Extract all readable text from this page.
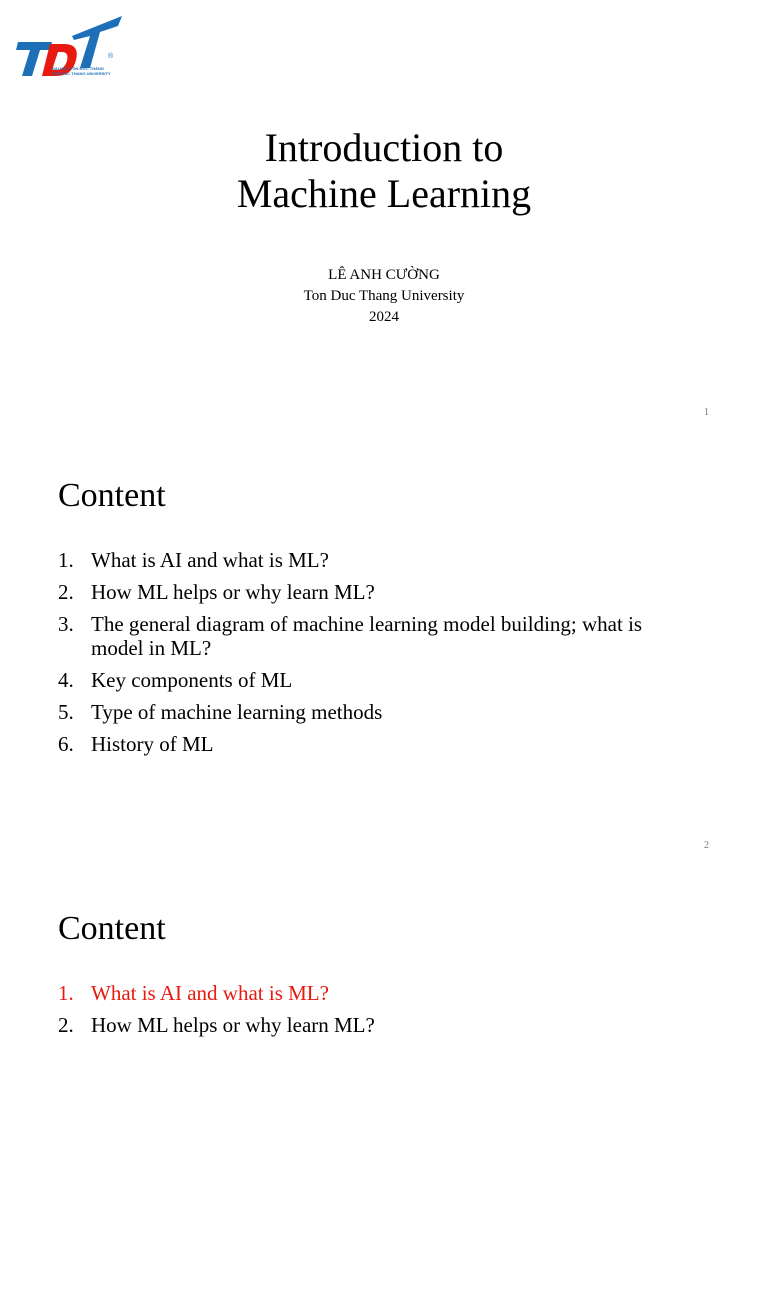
®
ĐẠI HỌC TÔN ĐỨC THẮNG
TON DUC THANG UNIVERSITY
Introduction to
Machine Learning
LÊ ANH CƯỜNG
Ton Duc Thang University
2024
1
Content
1. What is AI and what is ML?
2. How ML helps or why learn ML?
3. The general diagram of machine learning model building; what is model in ML?
4. Key components of ML
5. Type of machine learning methods
6. History of ML
2
Content
1. What is AI and what is ML?
2. How ML helps or why learn ML?
